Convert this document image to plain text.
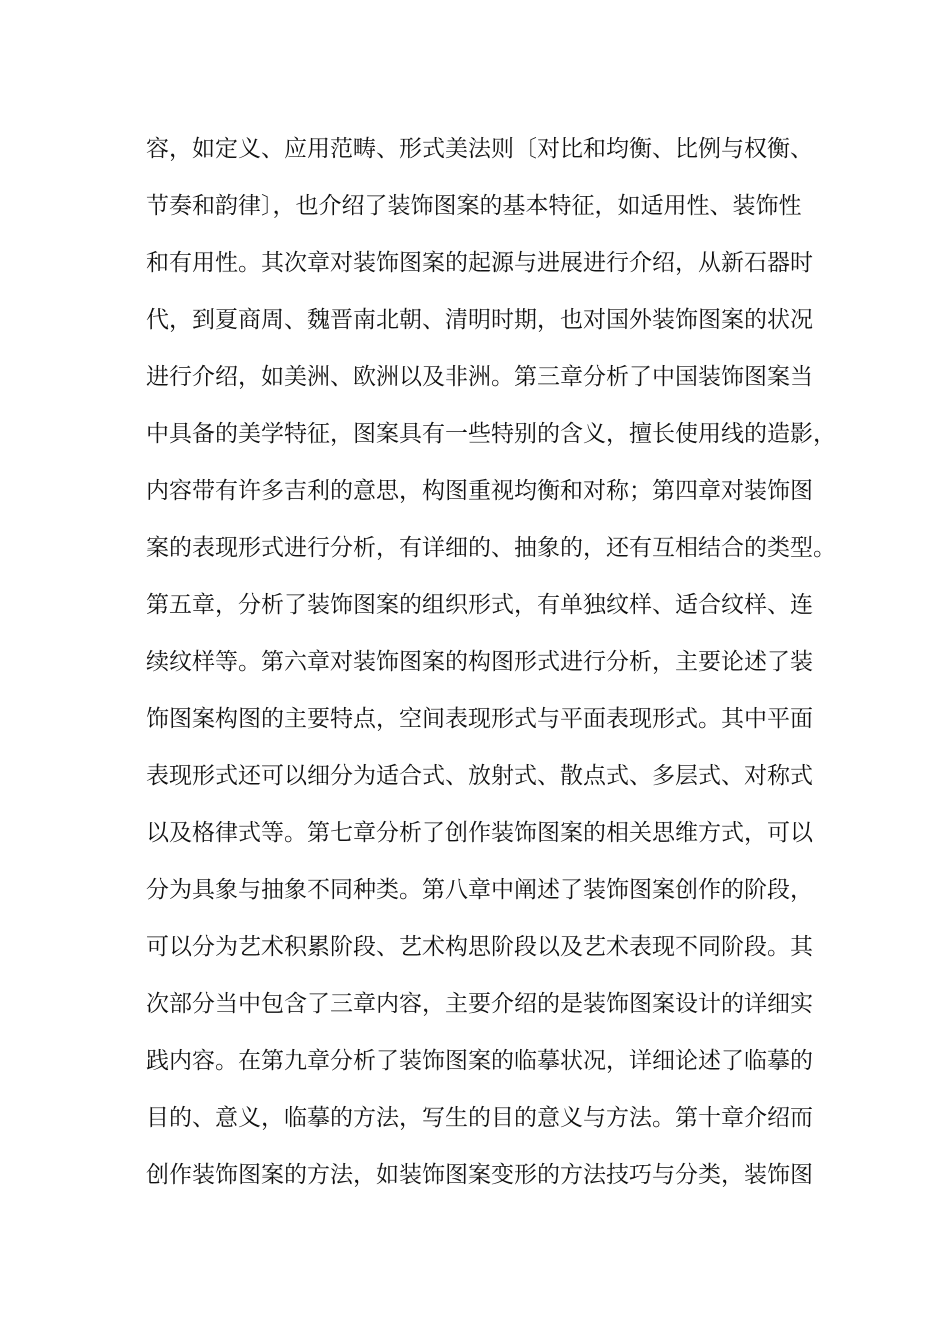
容，如定义、应用范畴、形式美法则〔对比和均衡、比例与权衡、
节奏和韵律〕，也介绍了装饰图案的基本特征，如适用性、装饰性
和有用性。其次章对装饰图案的起源与进展进行介绍，从新石器时
代，到夏商周、魏晋南北朝、清明时期，也对国外装饰图案的状况
进行介绍，如美洲、欧洲以及非洲。第三章分析了中国装饰图案当
中具备的美学特征，图案具有一些特别的含义，擅长使用线的造影，
内容带有许多吉利的意思，构图重视均衡和对称；第四章对装饰图
案的表现形式进行分析，有详细的、抽象的，还有互相结合的类型。
第五章，分析了装饰图案的组织形式，有单独纹样、适合纹样、连
续纹样等。第六章对装饰图案的构图形式进行分析，主要论述了装
饰图案构图的主要特点，空间表现形式与平面表现形式。其中平面
表现形式还可以细分为适合式、放射式、散点式、多层式、对称式
以及格律式等。第七章分析了创作装饰图案的相关思维方式，可以
分为具象与抽象不同种类。第八章中阐述了装饰图案创作的阶段，
可以分为艺术积累阶段、艺术构思阶段以及艺术表现不同阶段。其
次部分当中包含了三章内容，主要介绍的是装饰图案设计的详细实
践内容。在第九章分析了装饰图案的临摹状况，详细论述了临摹的
目的、意义，临摹的方法，写生的目的意义与方法。第十章介绍而
创作装饰图案的方法，如装饰图案变形的方法技巧与分类，装饰图
